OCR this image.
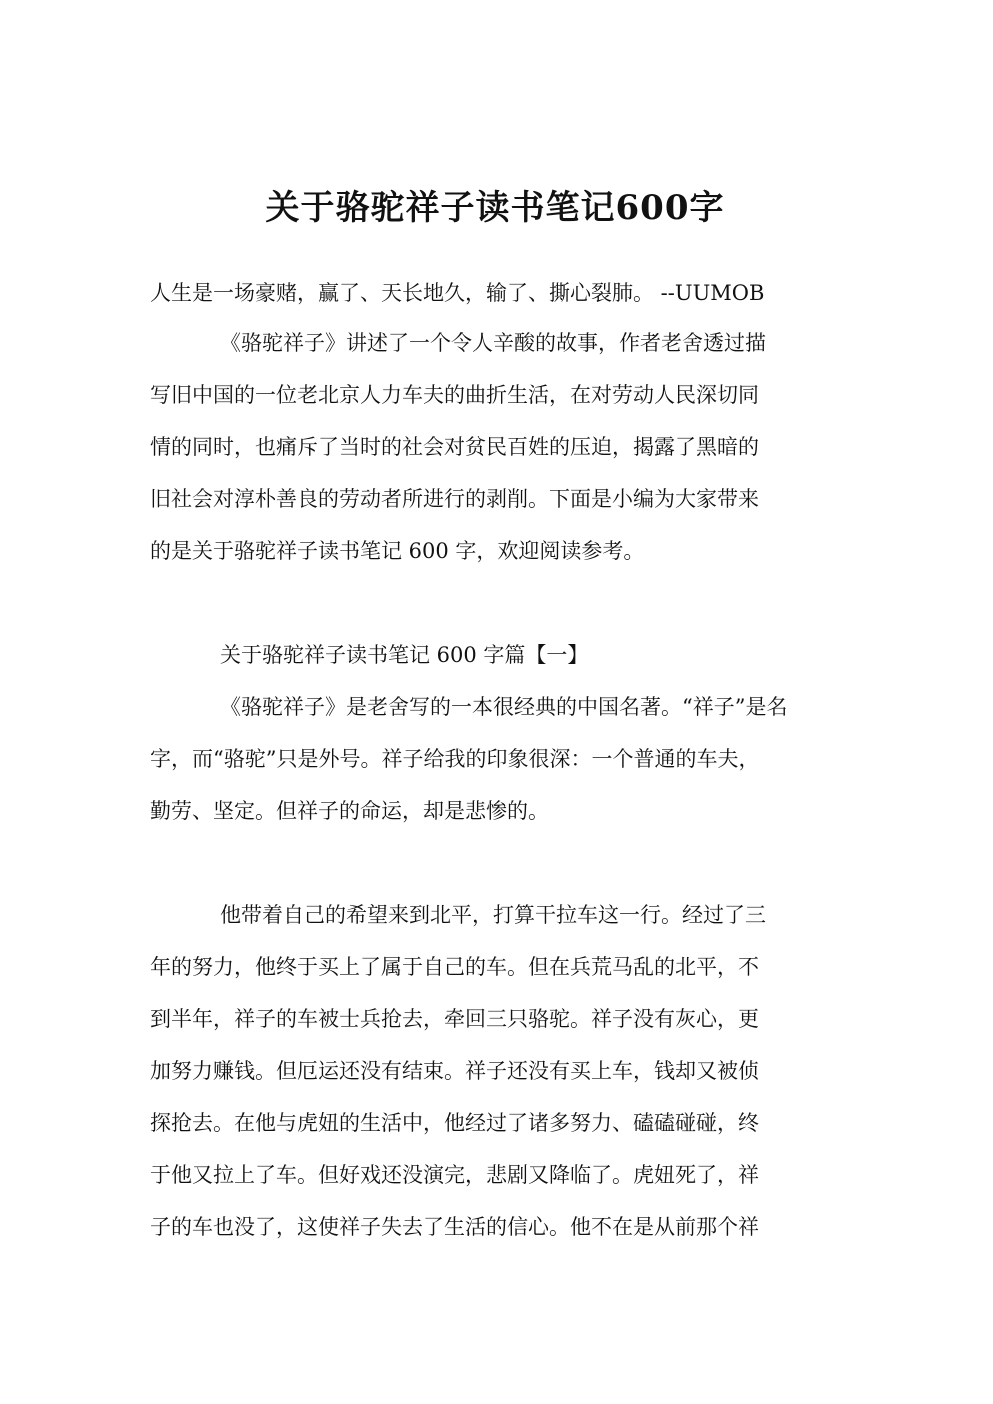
关于骆驼祥子读书笔记600字
人生是一场豪赌，赢了、天长地久，输了、撕心裂肺。 --UUMOB
《骆驼祥子》讲述了一个令人辛酸的故事，作者老舍透过描
写旧中国的一位老北京人力车夫的曲折生活，在对劳动人民深切同
情的同时，也痛斥了当时的社会对贫民百姓的压迫，揭露了黑暗的
旧社会对淳朴善良的劳动者所进行的剥削。下面是小编为大家带来
的是关于骆驼祥子读书笔记 600 字，欢迎阅读参考。
关于骆驼祥子读书笔记 600 字篇【一】
《骆驼祥子》是老舍写的一本很经典的中国名著。“祥子”是名
字，而“骆驼”只是外号。祥子给我的印象很深：一个普通的车夫，
勤劳、坚定。但祥子的命运，却是悲惨的。
他带着自己的希望来到北平，打算干拉车这一行。经过了三
年的努力，他终于买上了属于自己的车。但在兵荒马乱的北平，不
到半年，祥子的车被士兵抢去，牵回三只骆驼。祥子没有灰心，更
加努力赚钱。但厄运还没有结束。祥子还没有买上车，钱却又被侦
探抢去。在他与虎妞的生活中，他经过了诸多努力、磕磕碰碰，终
于他又拉上了车。但好戏还没演完，悲剧又降临了。虎妞死了，祥
子的车也没了，这使祥子失去了生活的信心。他不在是从前那个祥
